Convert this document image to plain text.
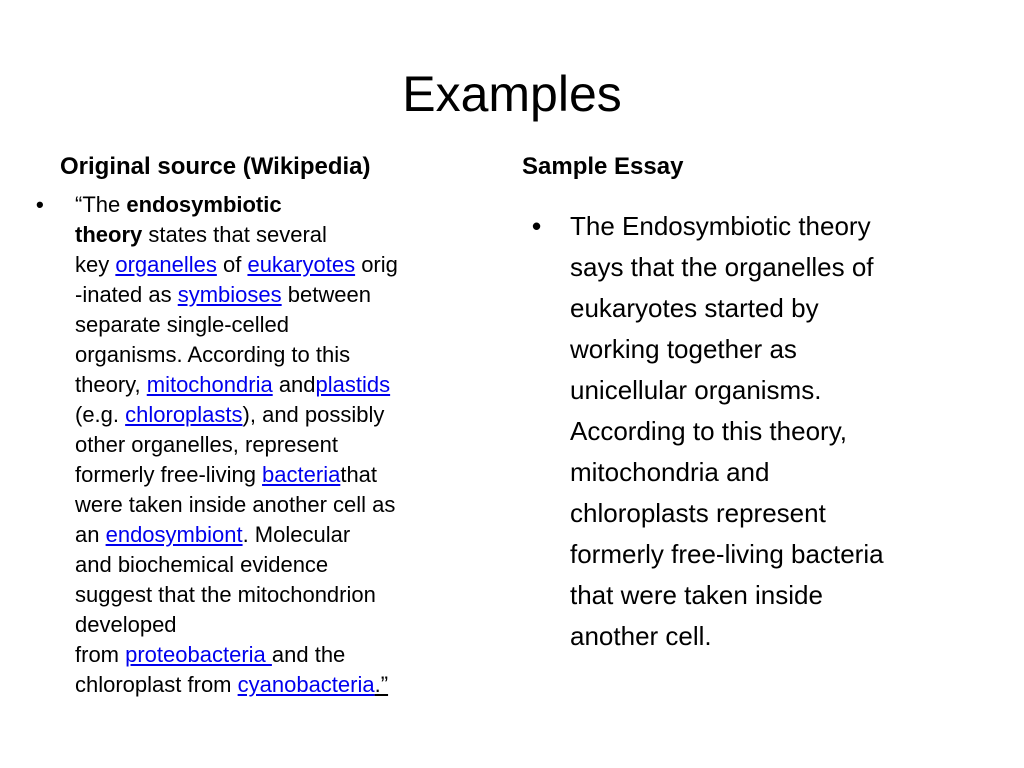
Examples
Original source (Wikipedia)	Sample Essay
• “The endosymbiotic
theory states that several
key organelles of eukaryotes orig
-inated as symbioses between
separate single-celled
organisms. According to this
theory, mitochondria andplastids
(e.g. chloroplasts), and possibly
other organelles, represent
formerly free-living bacteriathat
were taken inside another cell as
an endosymbiont. Molecular
and biochemical evidence
suggest that the mitochondrion
developed
from proteobacteria and the
chloroplast from cyanobacteria.”
• The Endosymbiotic theory
says that the organelles of
eukaryotes started by
working together as
unicellular organisms.
According to this theory,
mitochondria and
chloroplasts represent
formerly free-living bacteria
that were taken inside
another cell.
